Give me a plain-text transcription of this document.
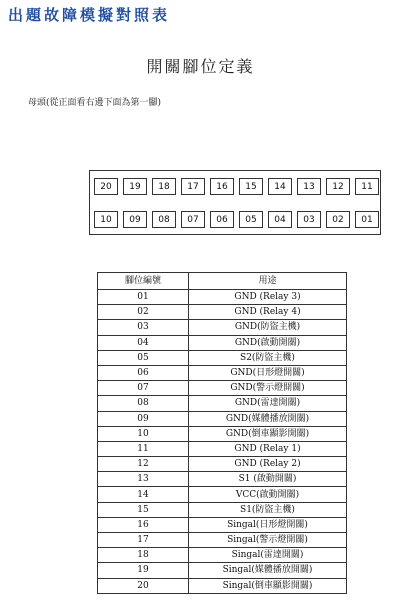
出題故障模擬對照表
開關腳位定義
母頭(從正面看右邊下面為第一腳)
20	19	18	17	16	15	14	13	12	11
10	09	08	07	06	05	04	03	02	01
腳位編號	用途
01	GND (Relay 3)
02	GND (Relay 4)
03	GND(防盜主機)
04	GND(啟動開關)
05	S2(防盜主機)
06	GND(日形燈開關)
07	GND(警示燈開關)
08	GND(雷達開關)
09	GND(媒體播放開關)
10	GND(倒車顯影開關)
11	GND (Relay 1)
12	GND (Relay 2)
13	S1 (啟動開關)
14	VCC(啟動開關)
15	S1(防盜主機)
16	Singal(日形燈開關)
17	Singal(警示燈開關)
18	Singal(雷達開關)
19	Singal(媒體播放開關)
20	Singal(倒車顯影開關)
